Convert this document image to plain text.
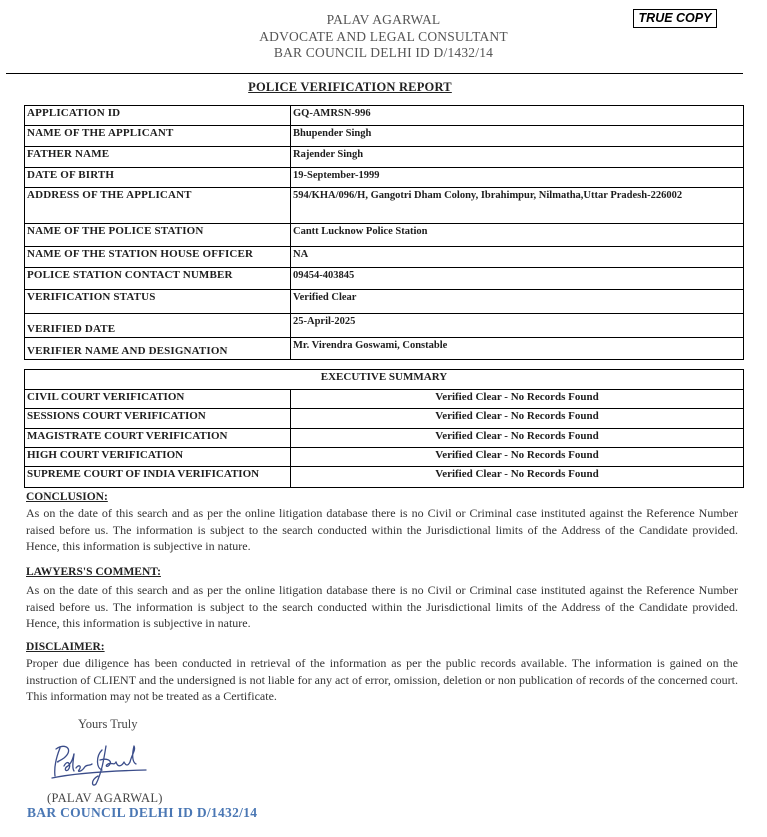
PALAV AGARWAL
ADVOCATE AND LEGAL CONSULTANT
BAR COUNCIL DELHI ID D/1432/14
TRUE COPY
POLICE VERIFICATION REPORT
APPLICATION ID	GQ-AMRSN-996
NAME OF THE APPLICANT	Bhupender Singh
FATHER NAME	Rajender Singh
DATE OF BIRTH	19-September-1999
ADDRESS OF THE APPLICANT	594/KHA/096/H, Gangotri Dham Colony, Ibrahimpur, Nilmatha,Uttar Pradesh-226002
NAME OF THE POLICE STATION	Cantt Lucknow Police Station
NAME OF THE STATION HOUSE OFFICER	NA
POLICE STATION CONTACT NUMBER	09454-403845
VERIFICATION STATUS	Verified Clear
VERIFIED DATE	25-April-2025
VERIFIER NAME AND DESIGNATION	Mr. Virendra Goswami, Constable
EXECUTIVE SUMMARY	
CIVIL COURT VERIFICATION	Verified Clear - No Records Found
SESSIONS COURT VERIFICATION	Verified Clear - No Records Found
MAGISTRATE COURT VERIFICATION	Verified Clear - No Records Found
HIGH COURT VERIFICATION	Verified Clear - No Records Found
SUPREME COURT OF INDIA VERIFICATION	Verified Clear - No Records Found
CONCLUSION:
As on the date of this search and as per the online litigation database there is no Civil or Criminal case instituted against the Reference Number raised before us. The information is subject to the search conducted within the Jurisdictional limits of the Address of the Candidate provided. Hence, this information is subjective in nature.
LAWYERS'S COMMENT:
As on the date of this search and as per the online litigation database there is no Civil or Criminal case instituted against the Reference Number raised before us. The information is subject to the search conducted within the Jurisdictional limits of the Address of the Candidate provided. Hence, this information is subjective in nature.
DISCLAIMER:
Proper due diligence has been conducted in retrieval of the information as per the public records available. The information is gained on the instruction of CLIENT and the undersigned is not liable for any act of error, omission, deletion or non publication of records of the concerned court. This information may not be treated as a Certificate.
Yours Truly
(PALAV AGARWAL)
BAR COUNCIL DELHI ID D/1432/14
